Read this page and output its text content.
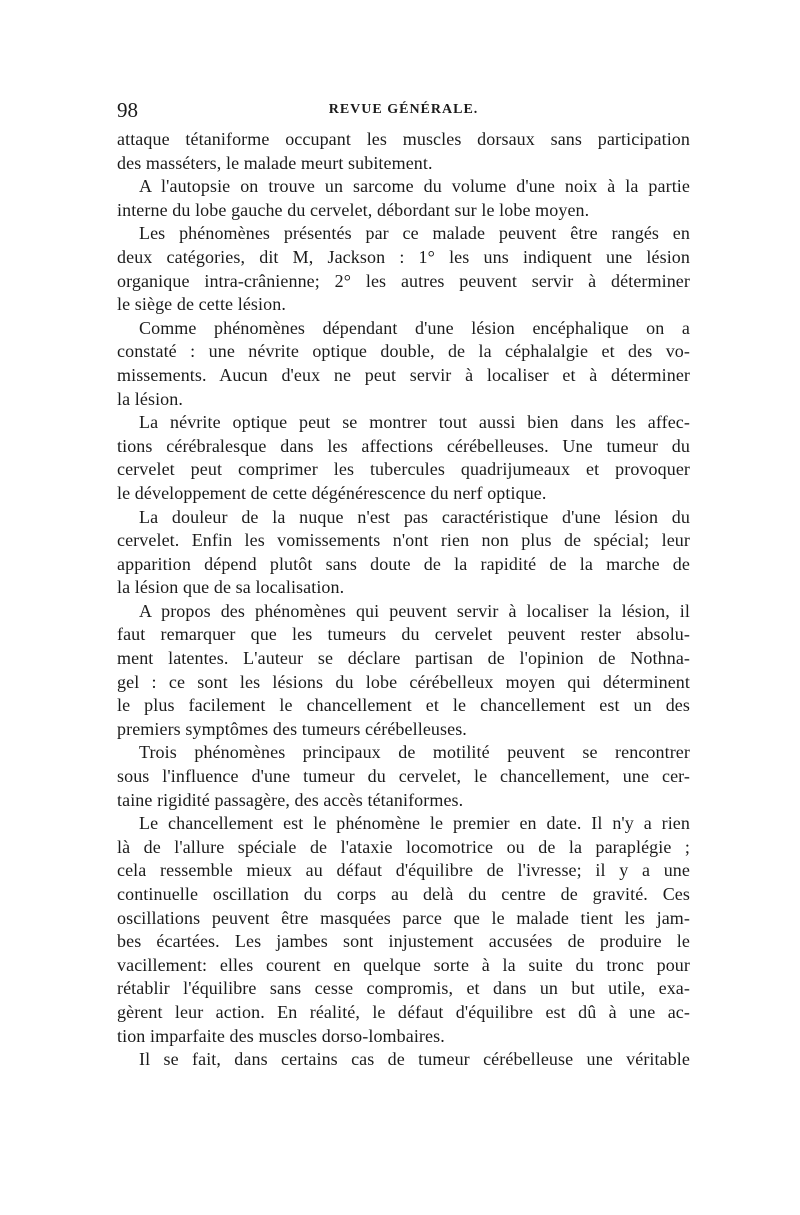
98	REVUE GÉNÉRALE.

attaque tétaniforme occupant les muscles dorsaux sans participation
des masséters, le malade meurt subitement.

A l'autopsie on trouve un sarcome du volume d'une noix à la partie
interne du lobe gauche du cervelet, débordant sur le lobe moyen.

Les phénomènes présentés par ce malade peuvent être rangés en
deux catégories, dit M, Jackson : 1° les uns indiquent une lésion
organique intra-crânienne; 2° les autres peuvent servir à déterminer
le siège de cette lésion.

Comme phénomènes dépendant d'une lésion encéphalique on a
constaté : une névrite optique double, de la céphalalgie et des vo-
missements. Aucun d'eux ne peut servir à localiser et à déterminer
la lésion.

La névrite optique peut se montrer tout aussi bien dans les affec-
tions cérébralesque dans les affections cérébelleuses. Une tumeur du
cervelet peut comprimer les tubercules quadrijumeaux et provoquer
le développement de cette dégénérescence du nerf optique.

La douleur de la nuque n'est pas caractéristique d'une lésion du
cervelet. Enfin les vomissements n'ont rien non plus de spécial; leur
apparition dépend plutôt sans doute de la rapidité de la marche de
la lésion que de sa localisation.

A propos des phénomènes qui peuvent servir à localiser la lésion, il
faut remarquer que les tumeurs du cervelet peuvent rester absolu-
ment latentes. L'auteur se déclare partisan de l'opinion de Nothna-
gel : ce sont les lésions du lobe cérébelleux moyen qui déterminent
le plus facilement le chancellement et le chancellement est un des
premiers symptômes des tumeurs cérébelleuses.

Trois phénomènes principaux de motilité peuvent se rencontrer
sous l'influence d'une tumeur du cervelet, le chancellement, une cer-
taine rigidité passagère, des accès tétaniformes.

Le chancellement est le phénomène le premier en date. Il n'y a rien
là de l'allure spéciale de l'ataxie locomotrice ou de la paraplégie ;
cela ressemble mieux au défaut d'équilibre de l'ivresse; il y a une
continuelle oscillation du corps au delà du centre de gravité. Ces
oscillations peuvent être masquées parce que le malade tient les jam-
bes écartées. Les jambes sont injustement accusées de produire le
vacillement: elles courent en quelque sorte à la suite du tronc pour
rétablir l'équilibre sans cesse compromis, et dans un but utile, exa-
gèrent leur action. En réalité, le défaut d'équilibre est dû à une ac-
tion imparfaite des muscles dorso-lombaires.

Il se fait, dans certains cas de tumeur cérébelleuse une véritable
